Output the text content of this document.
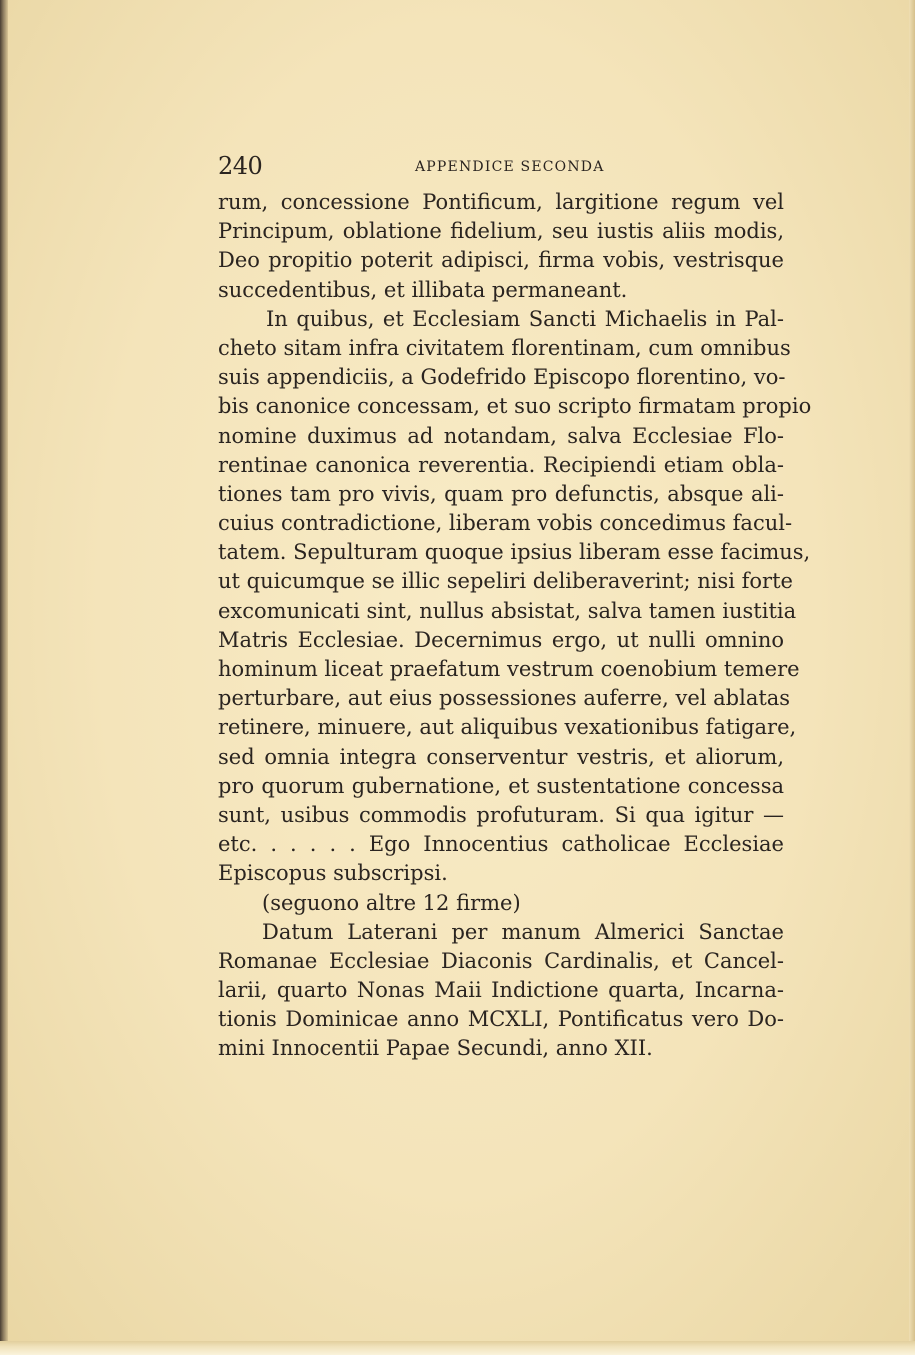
240	APPENDICE SECONDA
rum, concessione Pontificum, largitione regum vel
Principum, oblatione fidelium, seu iustis aliis modis,
Deo propitio poterit adipisci, firma vobis, vestrisque
succedentibus, et illibata permaneant.
In quibus, et Ecclesiam Sancti Michaelis in Pal-
cheto sitam infra civitatem florentinam, cum omnibus
suis appendiciis, a Godefrido Episcopo florentino, vo-
bis canonice concessam, et suo scripto firmatam propio
nomine duximus ad notandam, salva Ecclesiae Flo-
rentinae canonica reverentia. Recipiendi etiam obla-
tiones tam pro vivis, quam pro defunctis, absque ali-
cuius contradictione, liberam vobis concedimus facul-
tatem. Sepulturam quoque ipsius liberam esse facimus,
ut quicumque se illic sepeliri deliberaverint; nisi forte
excomunicati sint, nullus absistat, salva tamen iustitia
Matris Ecclesiae. Decernimus ergo, ut nulli omnino
hominum liceat praefatum vestrum coenobium temere
perturbare, aut eius possessiones auferre, vel ablatas
retinere, minuere, aut aliquibus vexationibus fatigare,
sed omnia integra conserventur vestris, et aliorum,
pro quorum gubernatione, et sustentatione concessa
sunt, usibus commodis profuturam. Si qua igitur —
etc. . . . . . Ego Innocentius catholicae Ecclesiae
Episcopus subscripsi.
(seguono altre 12 firme)
Datum Laterani per manum Almerici Sanctae
Romanae Ecclesiae Diaconis Cardinalis, et Cancel-
larii, quarto Nonas Maii Indictione quarta, Incarna-
tionis Dominicae anno MCXLI, Pontificatus vero Do-
mini Innocentii Papae Secundi, anno XII.
